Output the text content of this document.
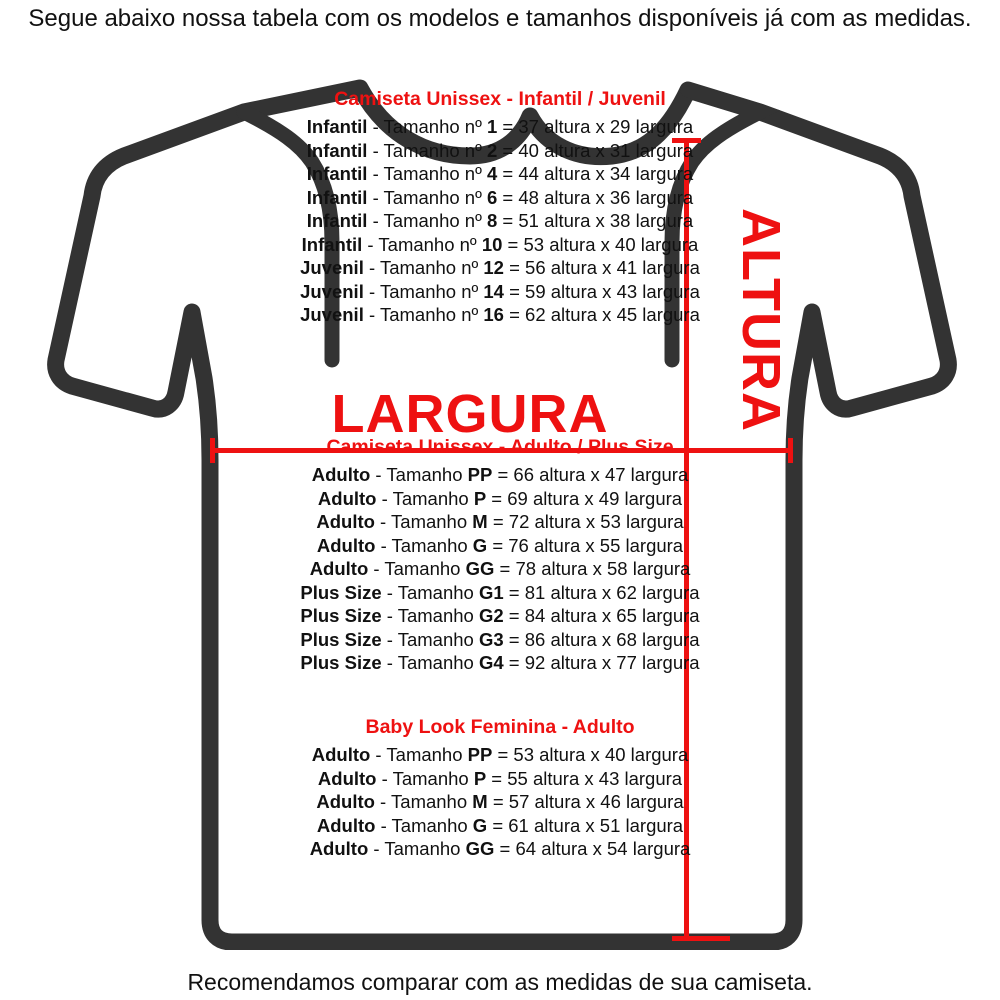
Segue abaixo nossa tabela com os modelos e tamanhos disponíveis já com as medidas.
LARGURA	ALTURA
Camiseta Unissex - Infantil / Juvenil
Infantil - Tamanho nº 1 = 37 altura x 29 largura
Infantil - Tamanho nº 2 = 40 altura x 31 largura
Infantil - Tamanho nº 4 = 44 altura x 34 largura
Infantil - Tamanho nº 6 = 48 altura x 36 largura
Infantil - Tamanho nº 8 = 51 altura x 38 largura
Infantil - Tamanho nº 10 = 53 altura x 40 largura
Juvenil - Tamanho nº 12 = 56 altura x 41 largura
Juvenil - Tamanho nº 14 = 59 altura x 43 largura
Juvenil - Tamanho nº 16 = 62 altura x 45 largura
Camiseta Unissex - Adulto / Plus Size
Adulto - Tamanho PP = 66 altura x 47 largura
Adulto - Tamanho P = 69 altura x 49 largura
Adulto - Tamanho M = 72 altura x 53 largura
Adulto - Tamanho G = 76 altura x 55 largura
Adulto - Tamanho GG = 78 altura x 58 largura
Plus Size - Tamanho G1 = 81 altura x 62 largura
Plus Size - Tamanho G2 = 84 altura x 65 largura
Plus Size - Tamanho G3 = 86 altura x 68 largura
Plus Size - Tamanho G4 = 92 altura x 77 largura
Baby Look Feminina - Adulto
Adulto - Tamanho PP = 53 altura x 40 largura
Adulto - Tamanho P = 55 altura x 43 largura
Adulto - Tamanho M = 57 altura x 46 largura
Adulto - Tamanho G = 61 altura x 51 largura
Adulto - Tamanho GG = 64 altura x 54 largura
Recomendamos comparar com as medidas de sua camiseta.
